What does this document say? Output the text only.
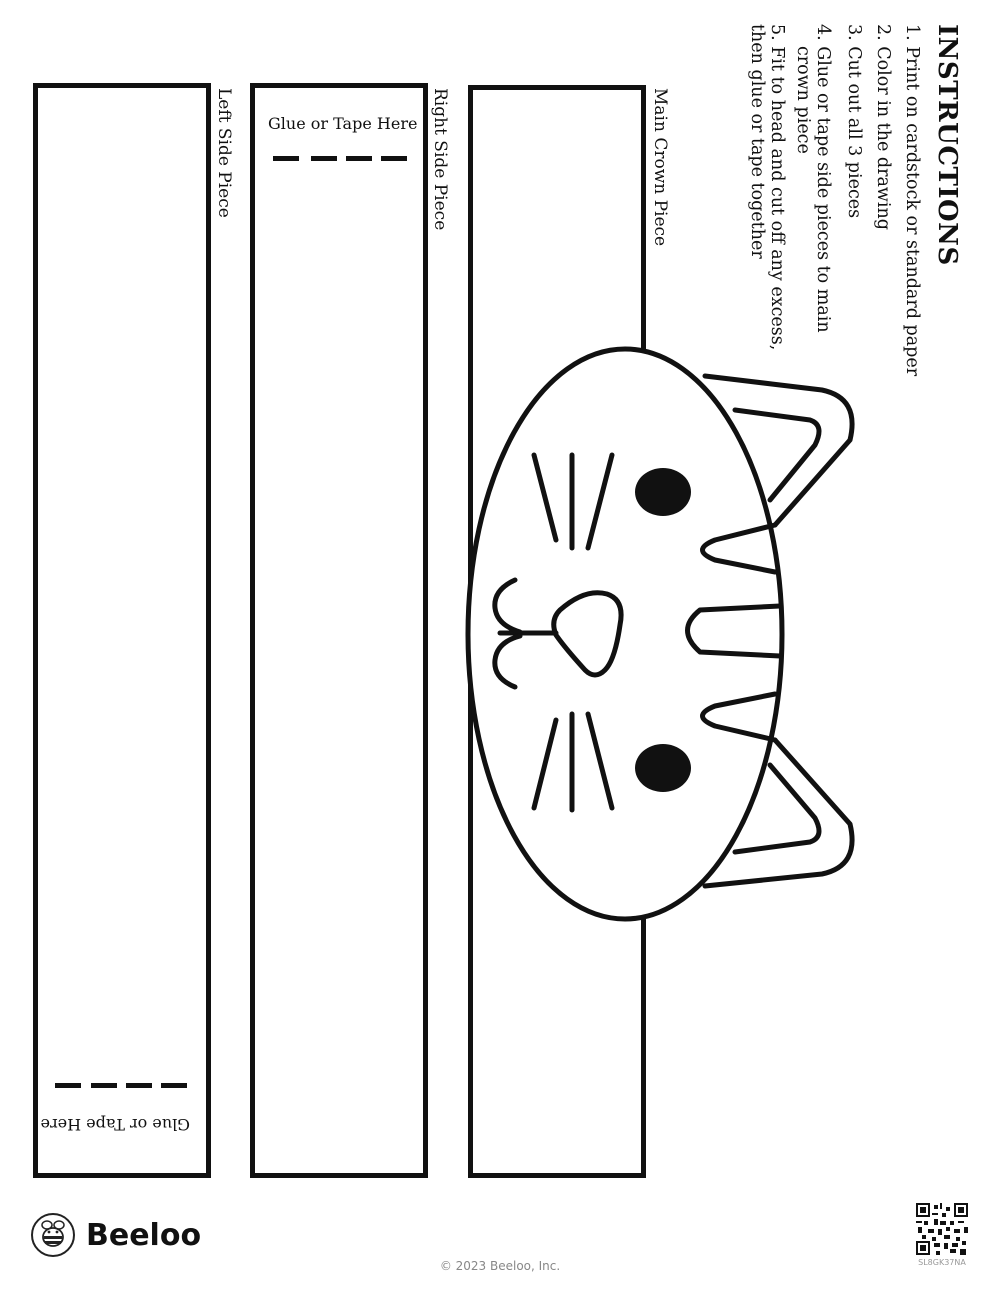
Main Crown Piece
Right Side Piece
Left Side Piece Glue or Tape Here
Glue or Tape Here
INSTRUCTIONS
1. Print on cardstock or standard paper
2. Color in the drawing
3. Cut out all 3 pieces
4. Glue or tape side pieces to main
crown piece
5. Fit to head and cut off any excess,
then glue or tape together
Beeloo
© 2023 Beeloo, Inc.	SL8GK37NA
